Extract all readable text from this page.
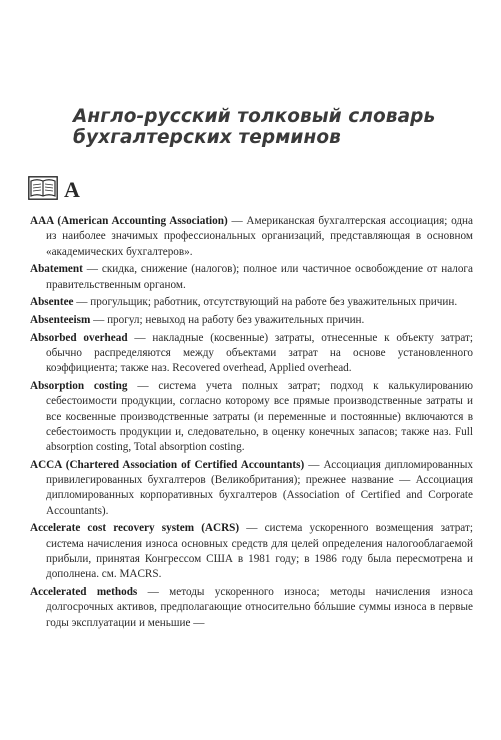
Англо-русский толковый словарь
бухгалтерских терминов
A

AAA (American Accounting Association) — Американская бухгалтерская ассоциация; одна из наиболее значимых профессиональных организаций, представляющая в основном «академических бухгалтеров».

Abatement — скидка, снижение (налогов); полное или частичное освобождение от налога правительственным органом.

Absentee — прогульщик; работник, отсутствующий на работе без уважительных причин.

Absenteeism — прогул; невыход на работу без уважительных причин.

Absorbed overhead — накладные (косвенные) затраты, отнесенные к объекту затрат; обычно распределяются между объектами затрат на основе установленного коэффициента; также наз. Recovered overhead, Applied overhead.

Absorption costing — система учета полных затрат; подход к калькулированию себестоимости продукции, согласно которому все прямые производственные затраты и все косвенные производственные затраты (и переменные и постоянные) включаются в себестоимость продукции и, следовательно, в оценку конечных запасов; также наз. Full absorption costing, Total absorption costing.

ACCA (Chartered Association of Certified Accountants) — Ассоциация дипломированных привилегированных бухгалтеров (Великобритания); прежнее название — Ассоциация дипломированных корпоративных бухгалтеров (Association of Certified and Corporate Accountants).

Accelerate cost recovery system (ACRS) — система ускоренного возмещения затрат; система начисления износа основных средств для целей определения налогооблагаемой прибыли, принятая Конгрессом США в 1981 году; в 1986 году была пересмотрена и дополнена. см. MACRS.

Accelerated methods — методы ускоренного износа; методы начисления износа долгосрочных активов, предполагающие относительно бóльшие суммы износа в первые годы эксплуатации и меньшие —
